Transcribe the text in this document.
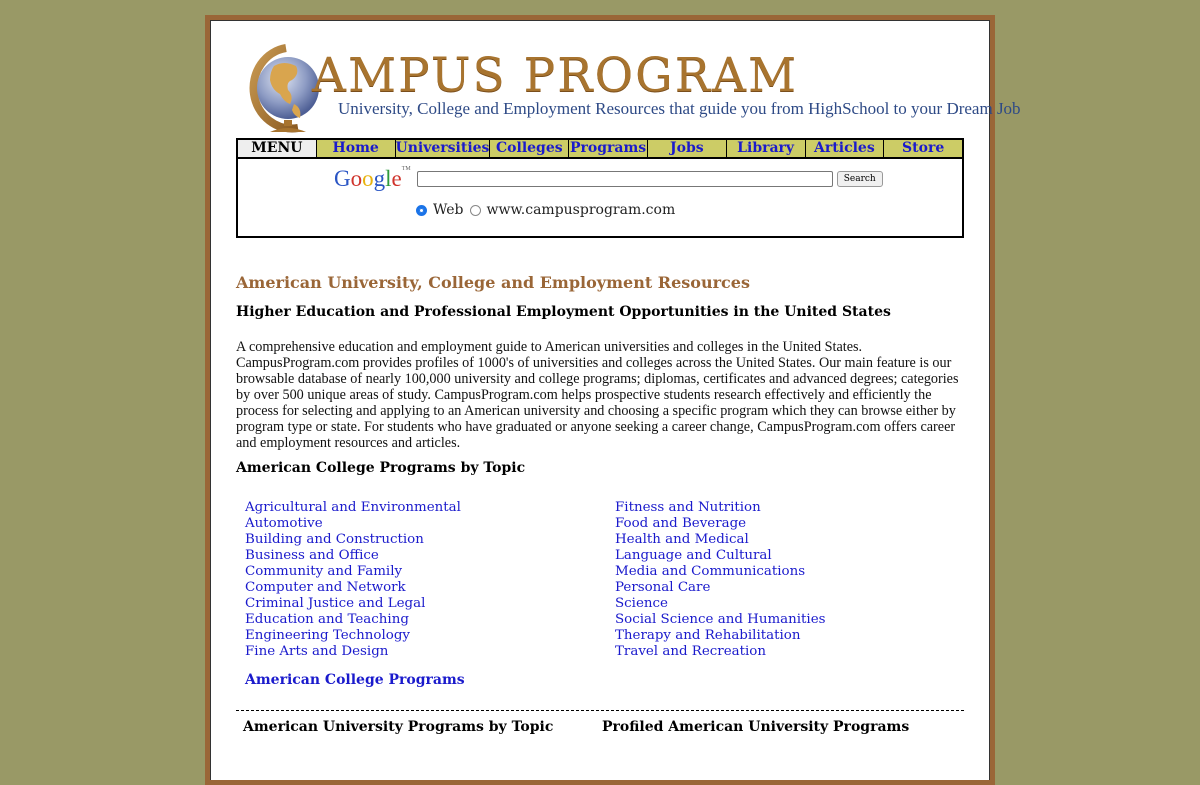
AMPUS PROGRAM
University, College and Employment Resources that guide you from HighSchool to your Dream Job
MENU	Home	Universities Colleges Programs	Jobs	Library	Articles	Store
Google™
Search
Web www.campusprogram.com
American University, College and Employment Resources
Higher Education and Professional Employment Opportunities in the United States

A comprehensive education and employment guide to American universities and colleges in the United States. CampusProgram.com provides profiles of 1000's of universities and colleges across the United States. Our main feature is our browsable database of nearly 100,000 university and college programs; diplomas, certificates and advanced degrees; categories by over 500 unique areas of study. CampusProgram.com helps prospective students research effectively and efficiently the process for selecting and applying to an American university and choosing a specific program which they can browse either by program type or state. For students who have graduated or anyone seeking a career change, CampusProgram.com offers career and employment resources and articles.

American College Programs by Topic
Agricultural and Environmental
Automotive
Building and Construction
Business and Office
Community and Family
Computer and Network
Criminal Justice and Legal
Education and Teaching
Engineering Technology
Fine Arts and Design
Fitness and Nutrition
Food and Beverage
Health and Medical
Language and Cultural
Media and Communications
Personal Care
Science
Social Science and Humanities
Therapy and Rehabilitation
Travel and Recreation
American College Programs
American University Programs by Topic	Profiled American University Programs
